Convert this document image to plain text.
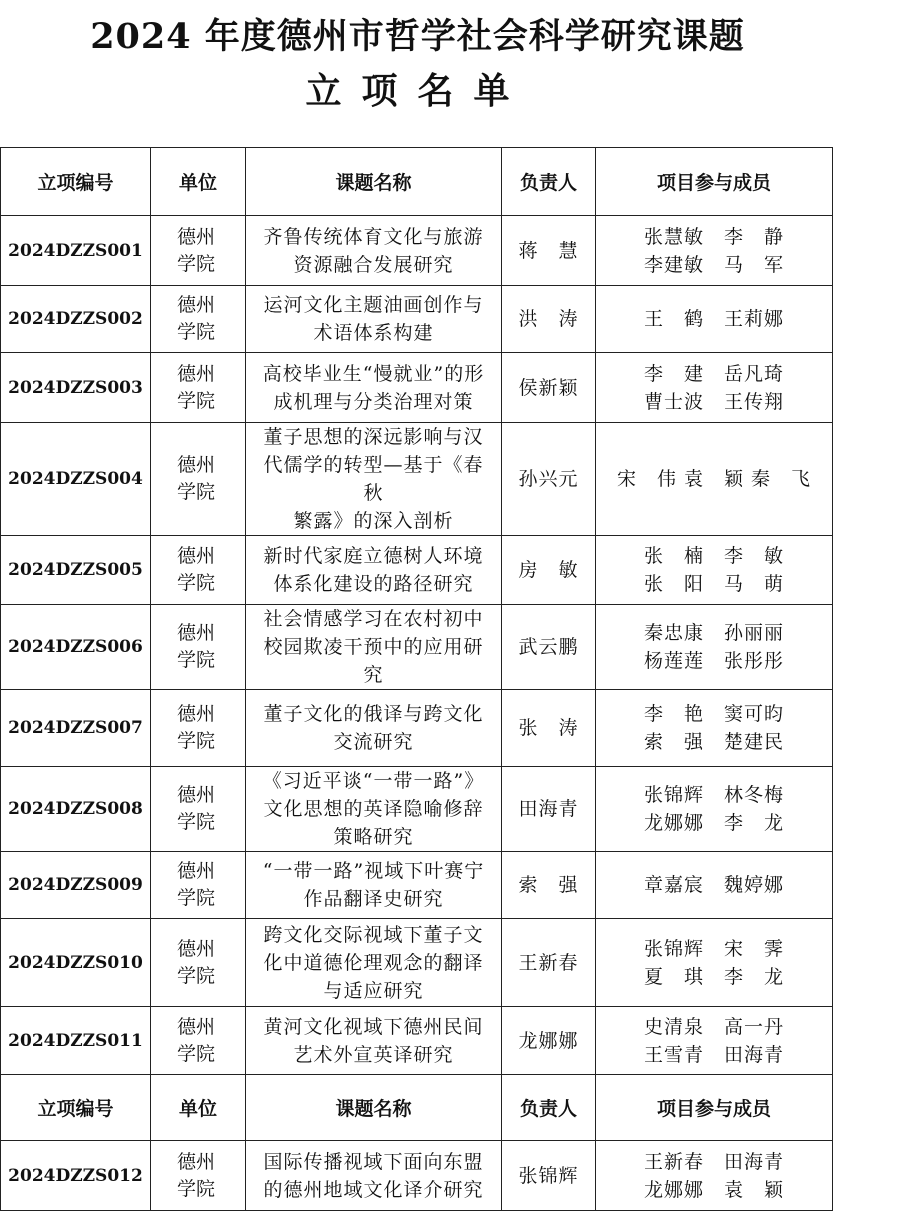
2024 年度德州市哲学社会科学研究课题
立项名单
立项编号	单位	课题名称	负责人	项目参与成员
2024DZZS001	德州
学院	齐鲁传统体育文化与旅游
资源融合发展研究	蒋　慧	张慧敏　李　静
李建敏　马　军

2024DZZS002	德州
学院	运河文化主题油画创作与
术语体系构建	洪　涛	王　鹤　王莉娜

2024DZZS003	德州
学院	高校毕业生“慢就业”的形
成机理与分类治理对策	侯新颖	李　建　岳凡琦
曹士波　王传翔

2024DZZS004	德州
学院	董子思想的深远影响与汉
代儒学的转型—基于《春
秋
繁露》的深入剖析	孙兴元	宋　伟 袁　颖 秦　飞

2024DZZS005	德州
学院	新时代家庭立德树人环境
体系化建设的路径研究	房　敏	张　楠　李　敏
张　阳　马　萌

2024DZZS006	德州
学院	社会情感学习在农村初中
校园欺凌干预中的应用研
究	武云鹏	秦忠康　孙丽丽
杨莲莲　张彤彤

2024DZZS007	德州
学院	董子文化的俄译与跨文化
交流研究	张　涛	李　艳　窦可昀
索　强　楚建民

2024DZZS008	德州
学院	《习近平谈“一带一路”》
文化思想的英译隐喻修辞
策略研究	田海青	张锦辉　林冬梅
龙娜娜　李　龙

2024DZZS009	德州
学院	“一带一路”视域下叶赛宁
作品翻译史研究	索　强	章嘉宸　魏婷娜

2024DZZS010	德州
学院	跨文化交际视域下董子文
化中道德伦理观念的翻译
与适应研究	王新春	张锦辉　宋　霁
夏　琪　李　龙

2024DZZS011	德州
学院	黄河文化视域下德州民间
艺术外宣英译研究	龙娜娜	史清泉　高一丹
王雪青　田海青

立项编号	单位	课题名称	负责人	项目参与成员
2024DZZS012	德州
学院	国际传播视域下面向东盟
的德州地域文化译介研究	张锦辉	王新春　田海青
龙娜娜　袁　颖
